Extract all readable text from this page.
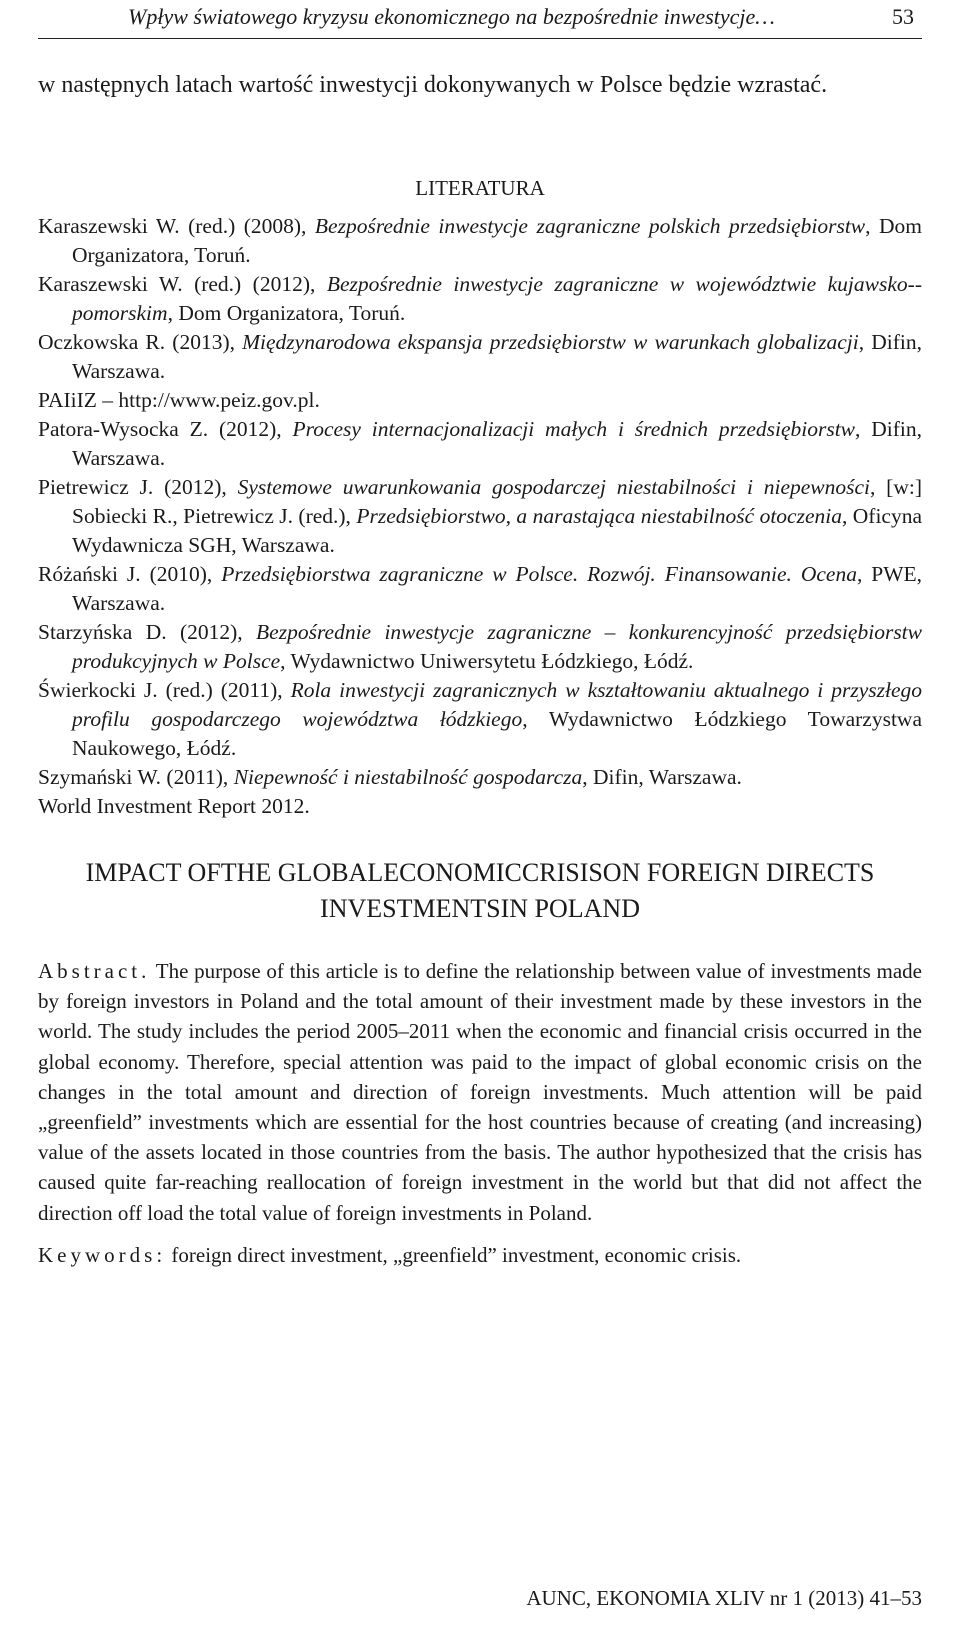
Wpływ światowego kryzysu ekonomicznego na bezpośrednie inwestycje…	53
w następnych latach wartość inwestycji dokonywanych w Polsce będzie wzrastać.
LITERATURA
Karaszewski W. (red.) (2008), Bezpośrednie inwestycje zagraniczne polskich przedsiębiorstw, Dom Organizatora, Toruń.
Karaszewski W. (red.) (2012), Bezpośrednie inwestycje zagraniczne w województwie kujawsko--pomorskim, Dom Organizatora, Toruń.
Oczkowska R. (2013), Międzynarodowa ekspansja przedsiębiorstw w warunkach globalizacji, Difin, Warszawa.
PAIiIZ – http://www.peiz.gov.pl.
Patora-Wysocka Z. (2012), Procesy internacjonalizacji małych i średnich przedsiębiorstw, Difin, Warszawa.
Pietrewicz J. (2012), Systemowe uwarunkowania gospodarczej niestabilności i niepewności, [w:] Sobiecki R., Pietrewicz J. (red.), Przedsiębiorstwo, a narastająca niestabilność otoczenia, Oficyna Wydawnicza SGH, Warszawa.
Różański J. (2010), Przedsiębiorstwa zagraniczne w Polsce. Rozwój. Finansowanie. Ocena, PWE, Warszawa.
Starzyńska D. (2012), Bezpośrednie inwestycje zagraniczne – konkurencyjność przedsiębiorstw produkcyjnych w Polsce, Wydawnictwo Uniwersytetu Łódzkiego, Łódź.
Świerkocki J. (red.) (2011), Rola inwestycji zagranicznych w kształtowaniu aktualnego i przyszłego profilu gospodarczego województwa łódzkiego, Wydawnictwo Łódzkiego Towarzystwa Naukowego, Łódź.
Szymański W. (2011), Niepewność i niestabilność gospodarcza, Difin, Warszawa.
World Investment Report 2012.
IMPACT OFTHE GLOBALECONOMICCRISISON FOREIGN DIRECTS
INVESTMENTSIN POLAND
Abstract. The purpose of this article is to define the relationship between value of investments made by foreign investors in Poland and the total amount of their investment made by these investors in the world. The study includes the period 2005–2011 when the economic and financial crisis occurred in the global economy. Therefore, special attention was paid to the impact of global economic crisis on the changes in the total amount and direction of foreign investments. Much attention will be paid „greenfield” investments which are essential for the host countries because of creating (and increasing) value of the assets located in those countries from the basis. The author hypothesized that the crisis has caused quite far-reaching reallocation of foreign investment in the world but that did not affect the direction off load the total value of foreign investments in Poland.
Keywords: foreign direct investment, „greenfield” investment, economic crisis.
AUNC, EKONOMIA XLIV nr 1 (2013) 41–53
